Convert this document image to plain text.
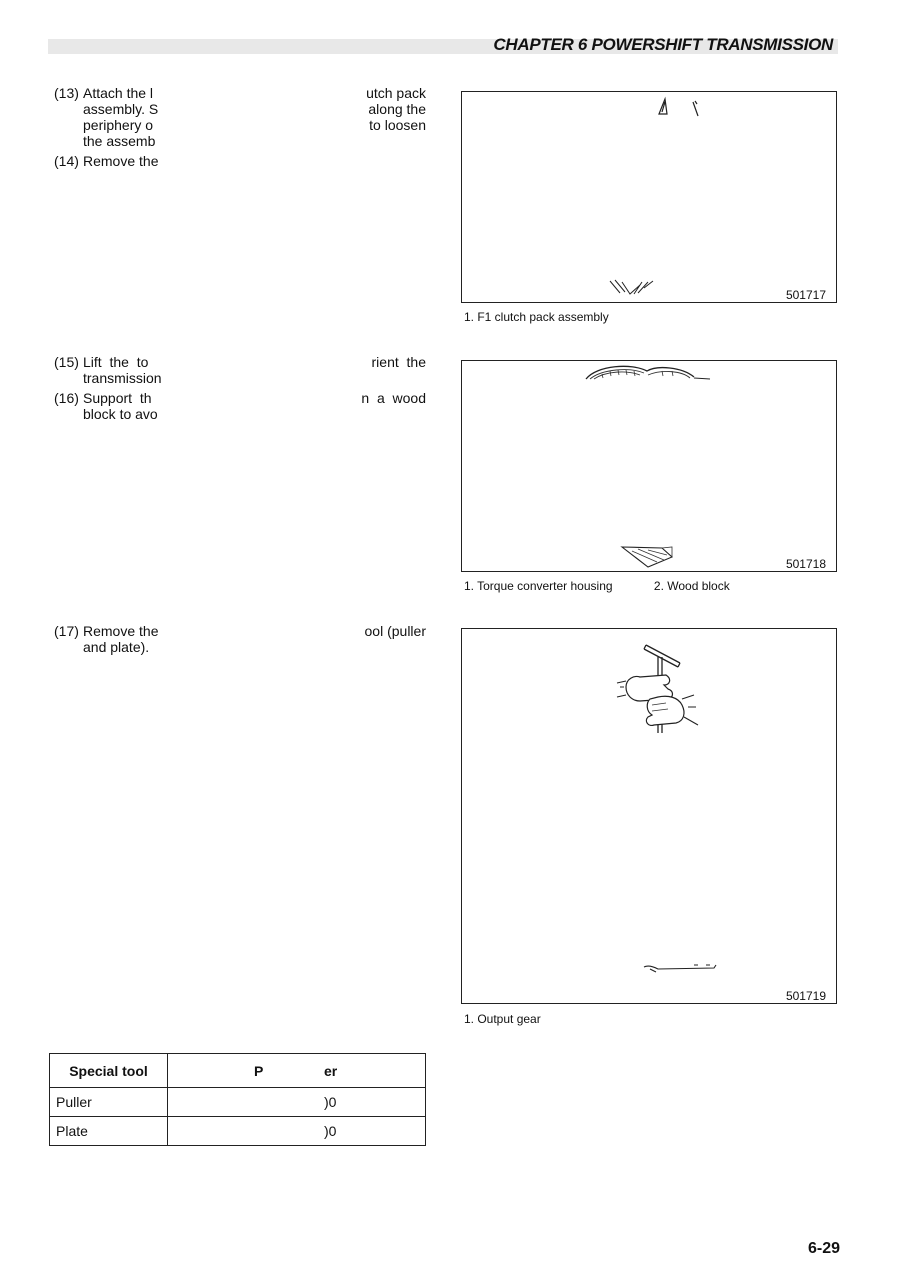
CHAPTER 6 POWERSHIFT TRANSMISSION
(13) Attach the l	utch pack
assembly. S	along the
periphery o	to loosen
the assemb
(14) Remove the
(15) Lift  the  to	rient  the
transmission
(16) Support  th	n  a  wood
block to avo
(17) Remove the	ool (puller
and plate).
501717
1. F1 clutch pack assembly
501718
1. Torque converter housing	2. Wood block
501719
1. Output gear
Special tool	P er

Puller	)0
Plate	)0
6-29
